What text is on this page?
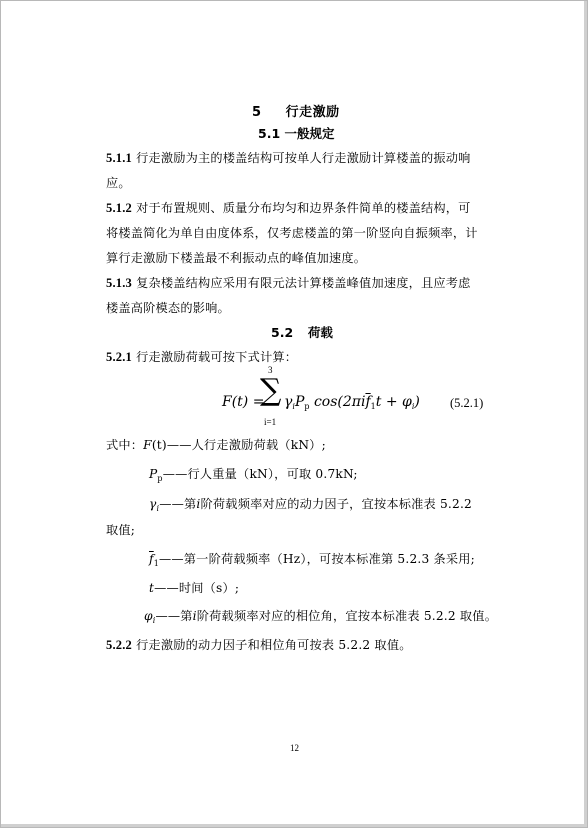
5 行走激励
5.1 一般规定
5.1.1 行走激励为主的楼盖结构可按单人行走激励计算楼盖的振动响
应。
5.1.2 对于布置规则、质量分布均匀和边界条件简单的楼盖结构，可
将楼盖简化为单自由度体系，仅考虑楼盖的第一阶竖向自振频率，计
算行走激励下楼盖最不利振动点的峰值加速度。
5.1.3 复杂楼盖结构应采用有限元法计算楼盖峰值加速度，且应考虑
楼盖高阶模态的影响。
5.2 荷载
5.2.1 行走激励荷载可按下式计算：
F(t) =
3
∑
i=1
$\gamma_iP_p$ $\cos(2\pi i\overline{f}_1t + \varphi_i)$ (5.2.1)
式中：F(t)——人行走激励荷载（kN）;
$P_p——$行人重量（kN），可取 0.7kN;
$\gamma_i——$第i阶荷载频率对应的动力因子，宜按本标准表 5.2.2
取值;
$\overline{f}_1——$第一阶荷载频率（Hz），可按本标准第 5.2.3 条采用;
t——时间（s）;
$\varphi_i——$第i阶荷载频率对应的相位角，宜按本标准表 5.2.2 取值。
5.2.2 行走激励的动力因子和相位角可按表 5.2.2 取值。
12
